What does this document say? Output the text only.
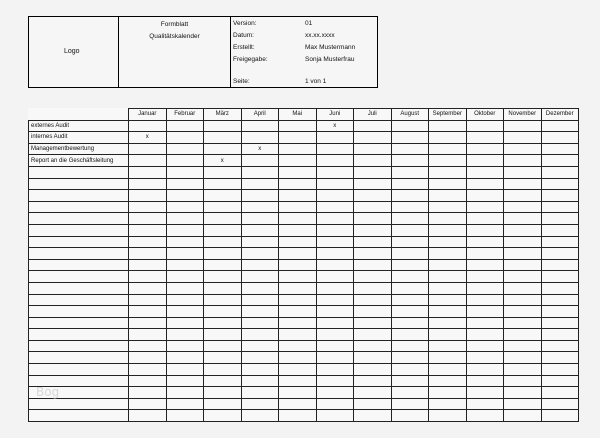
Logo
Formblatt
Qualitätskalender
Version:	01
Datum:	xx.xx.xxxx
Erstellt:	Max Mustermann
Freigegabe:	Sonja Musterfrau
Seite:	1 von 1
	Januar	Februar	März	April	Mai	Juni	Juli	August	September	Oktober	November	Dezember
externes Audit						x						
internes Audit	x											
Managementbewertung				x								
Report an die Geschäftsleitung			x									

Bog
